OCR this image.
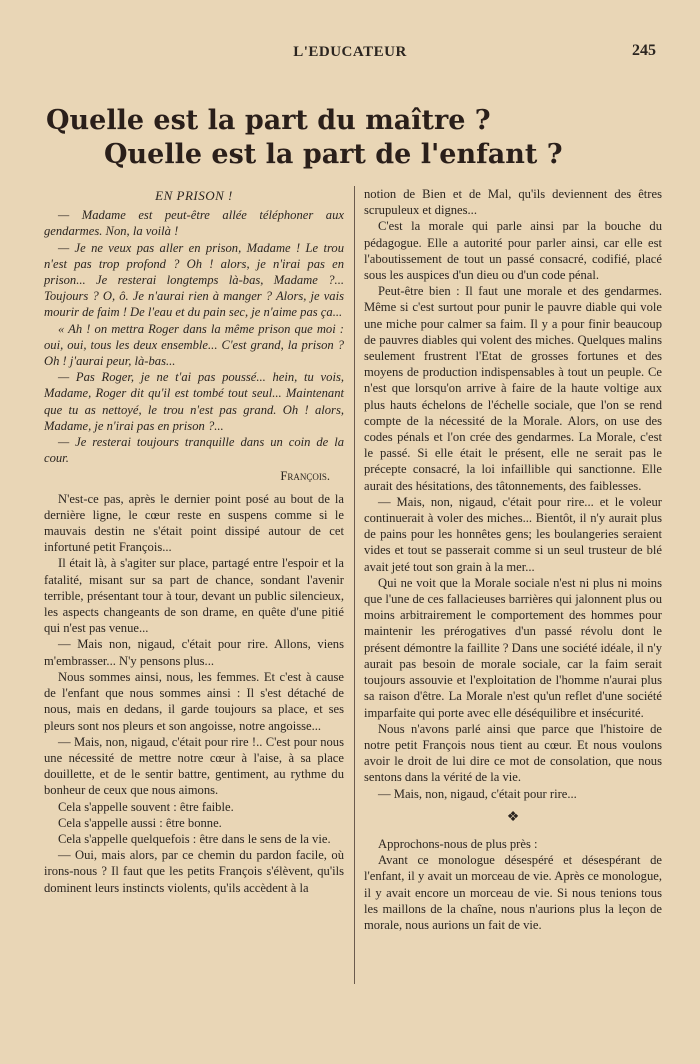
L'EDUCATEUR	245
Quelle est la part du maître ?
Quelle est la part de l'enfant ?

EN PRISON !

— Madame est peut-être allée téléphoner aux gendarmes. Non, la voilà !

— Je ne veux pas aller en prison, Madame ! Le trou n'est pas trop profond ? Oh ! alors, je n'irai pas en prison... Je resterai longtemps là-bas, Madame ?... Toujours ? O, ô. Je n'aurai rien à manger ? Alors, je vais mourir de faim ! De l'eau et du pain sec, je n'aime pas ça...

« Ah ! on mettra Roger dans la même prison que moi : oui, oui, tous les deux ensemble... C'est grand, la prison ? Oh ! j'aurai peur, là-bas...

— Pas Roger, je ne t'ai pas poussé... hein, tu vois, Madame, Roger dit qu'il est tombé tout seul... Maintenant que tu as nettoyé, le trou n'est pas grand. Oh ! alors, Madame, je n'irai pas en prison ?...

— Je resterai toujours tranquille dans un coin de la cour.

François.

N'est-ce pas, après le dernier point posé au bout de la dernière ligne, le cœur reste en suspens comme si le mauvais destin ne s'était point dissipé autour de cet infortuné petit François...

Il était là, à s'agiter sur place, partagé entre l'espoir et la fatalité, misant sur sa part de chance, sondant l'avenir terrible, présentant tour à tour, devant un public silencieux, les aspects changeants de son drame, en quête d'une pitié qui n'est pas venue...

— Mais non, nigaud, c'était pour rire. Allons, viens m'embrasser... N'y pensons plus...

Nous sommes ainsi, nous, les femmes. Et c'est à cause de l'enfant que nous sommes ainsi : Il s'est détaché de nous, mais en dedans, il garde toujours sa place, et ses pleurs sont nos pleurs et son angoisse, notre angoisse...

— Mais, non, nigaud, c'était pour rire !.. C'est pour nous une nécessité de mettre notre cœur à l'aise, à sa place douillette, et de le sentir battre, gentiment, au rythme du bonheur de ceux que nous aimons.

Cela s'appelle souvent : être faible.

Cela s'appelle aussi : être bonne.

Cela s'appelle quelquefois : être dans le sens de la vie.

— Oui, mais alors, par ce chemin du pardon facile, où irons-nous ? Il faut que les petits François s'élèvent, qu'ils dominent leurs instincts violents, qu'ils accèdent à la

notion de Bien et de Mal, qu'ils deviennent des êtres scrupuleux et dignes...

C'est la morale qui parle ainsi par la bouche du pédagogue. Elle a autorité pour parler ainsi, car elle est l'aboutissement de tout un passé consacré, codifié, placé sous les auspices d'un dieu ou d'un code pénal.

Peut-être bien : Il faut une morale et des gendarmes. Même si c'est surtout pour punir le pauvre diable qui vole une miche pour calmer sa faim. Il y a pour finir beaucoup de pauvres diables qui volent des miches. Quelques malins seulement frustrent l'Etat de grosses fortunes et des moyens de production indispensables à tout un peuple. Ce n'est que lorsqu'on arrive à faire de la haute voltige aux plus hauts échelons de l'échelle sociale, que l'on se rend compte de la nécessité de la Morale. Alors, on use des codes pénals et l'on crée des gendarmes. La Morale, c'est le passé. Si elle était le présent, elle ne serait pas le précepte consacré, la loi infaillible qui sanctionne. Elle aurait des hésitations, des tâtonnements, des faiblesses.

— Mais, non, nigaud, c'était pour rire... et le voleur continuerait à voler des miches... Bientôt, il n'y aurait plus de pains pour les honnêtes gens; les boulangeries seraient vides et tout se passerait comme si un seul trusteur de blé avait jeté tout son grain à la mer...

Qui ne voit que la Morale sociale n'est ni plus ni moins que l'une de ces fallacieuses barrières qui jalonnent plus ou moins arbitrairement le comportement des hommes pour maintenir les prérogatives d'un passé révolu dont le présent démontre la faillite ? Dans une société idéale, il n'y aurait pas besoin de morale sociale, car la faim serait toujours assouvie et l'exploitation de l'homme n'aurai plus sa raison d'être. La Morale n'est qu'un reflet d'une société imparfaite qui porte avec elle déséquilibre et insécurité.

Nous n'avons parlé ainsi que parce que l'histoire de notre petit François nous tient au cœur. Et nous voulons avoir le droit de lui dire ce mot de consolation, que nous sentons dans la vérité de la vie.

— Mais, non, nigaud, c'était pour rire...

❖

Approchons-nous de plus près :

Avant ce monologue désespéré et désespérant de l'enfant, il y avait un morceau de vie. Après ce monologue, il y avait encore un morceau de vie. Si nous tenions tous les maillons de la chaîne, nous n'aurions plus la leçon de morale, nous aurions un fait de vie.
